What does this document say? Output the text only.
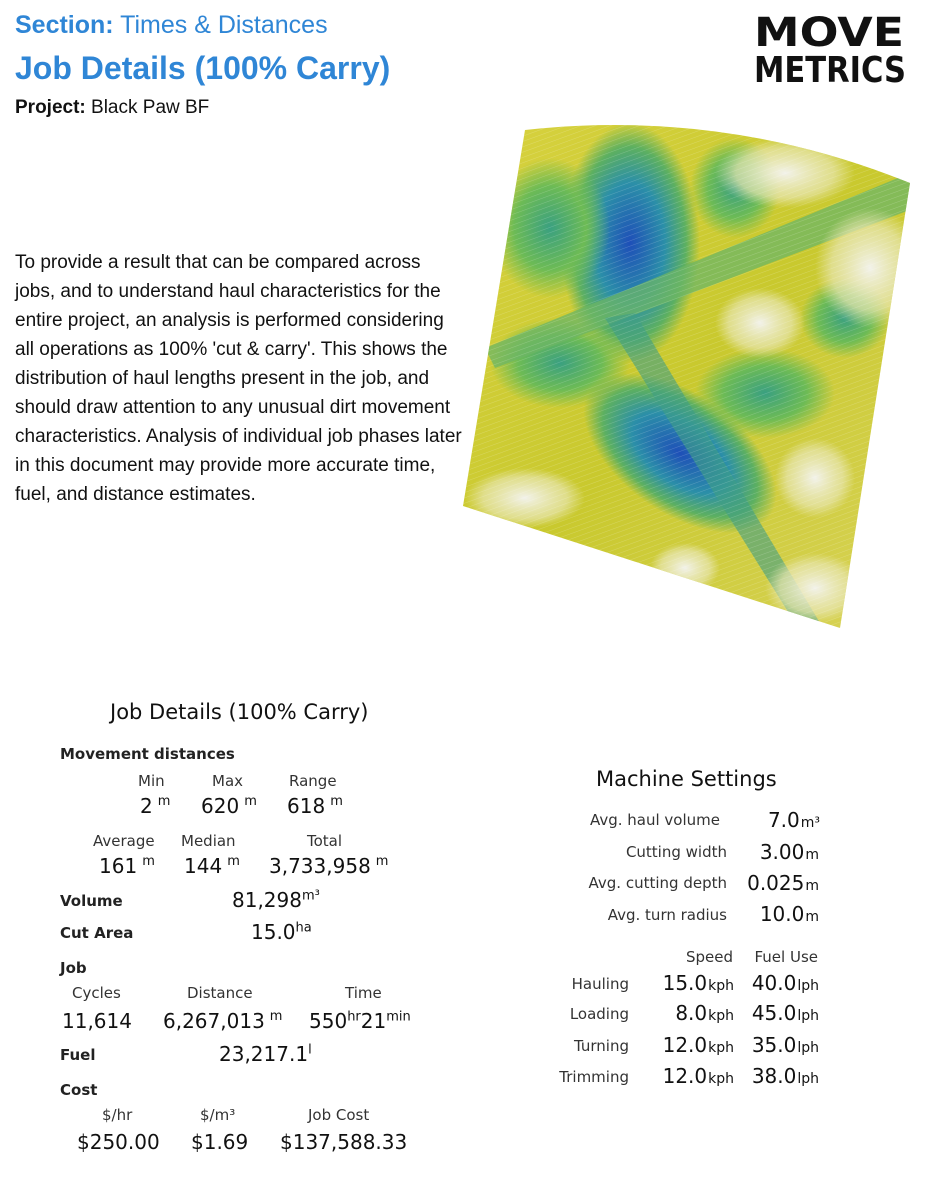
Section: Times & Distances
Job Details (100% Carry)
Project: Black Paw BF
MOVE
METRICS
To provide a result that can be compared across jobs, and to understand haul characteristics for the entire project, an analysis is performed considering all operations as 100% 'cut & carry'. This shows the distribution of haul lengths present in the job, and should draw attention to any unusual dirt movement characteristics. Analysis of individual job phases later in this document may provide more accurate time, fuel, and distance estimates.
Job Details (100% Carry)
Movement distances
Min	Max	Range
2 $^m$ 620 $^m$ 618 $^m$
Average Median	Total
161 $^m$ 144 $^m$ 3,733,958 $^m$
Volume	$81,298^{m^3}$
Cut Area	15.0$^{ha}$
Job
Cycles	Distance	Time
11,614 6,267,013 $^m$ $550^{hr}21^{min}$
Fuel	23,217.1$^l$
Cost
$/hr	$/m³	Job Cost
$250.00 $1.69 $137,588.33
Machine Settings
Avg. haul volume 7.0m³
Cutting width 3.00m
Avg. cutting depth 0.025m
Avg. turn radius 10.0m
Speed Fuel Use
Hauling 15.0kph 40.0lph
Loading 8.0kph 45.0lph
Turning 12.0kph 35.0lph
Trimming 12.0kph 38.0lph
